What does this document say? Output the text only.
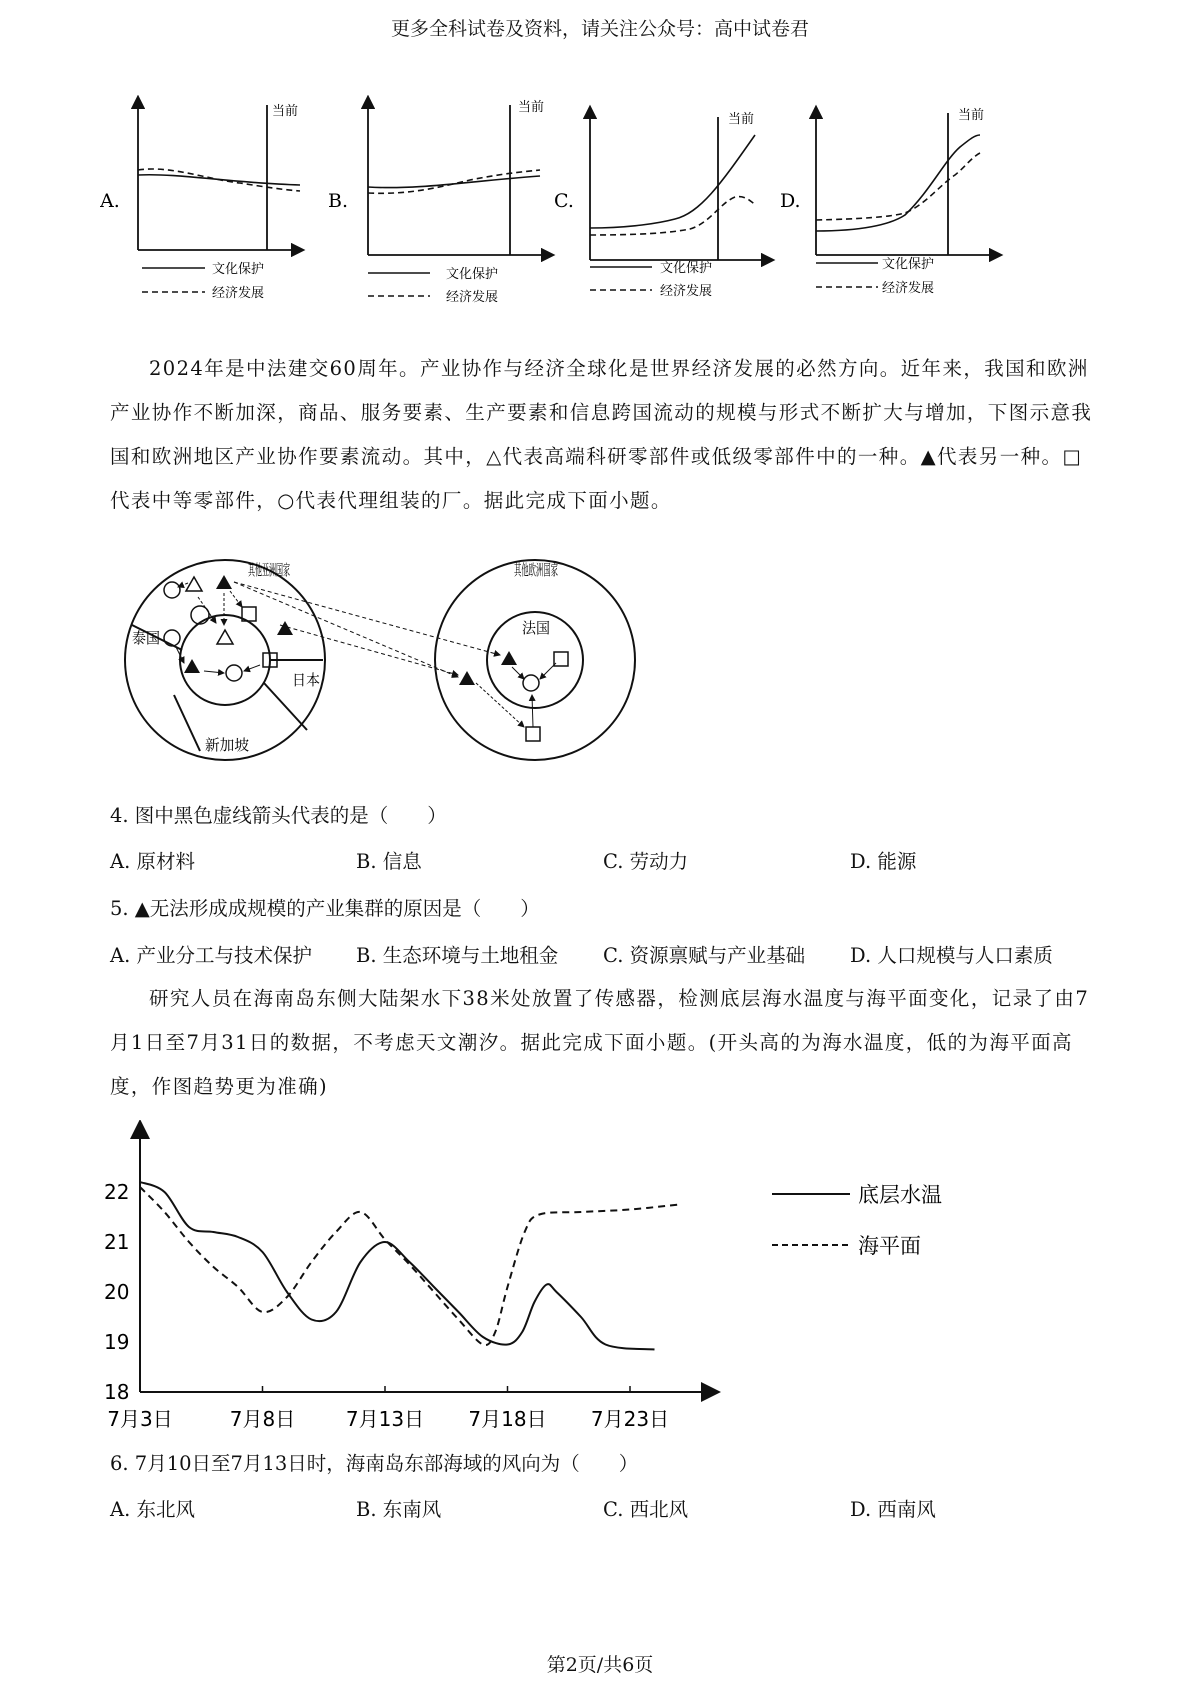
更多全科试卷及资料，请关注公众号：高中试卷君
A.
当前
文化保护
经济发展
B.
当前
文化保护
经济发展
C.
当前
文化保护
经济发展
D.
当前
文化保护
经济发展
2024年是中法建交60周年。产业协作与经济全球化是世界经济发展的必然方向。近年来，我国和欧洲产业协作不断加深，商品、服务要素、生产要素和信息跨国流动的规模与形式不断扩大与增加，下图示意我国和欧洲地区产业协作要素流动。其中，△代表高端科研零部件或低级零部件中的一种。▲代表另一种。□代表中等零部件，○代表代理组装的厂。据此完成下面小题。
其他亚洲国家
泰国
新加坡
日本
其他欧洲国家
法国
4. 图中黑色虚线箭头代表的是（　　）
A. 原材料	B. 信息	C. 劳动力	D. 能源
5. ▲无法形成成规模的产业集群的原因是（　　）
A. 产业分工与技术保护 B. 生态环境与土地租金 C. 资源禀赋与产业基础 D. 人口规模与人口素质
研究人员在海南岛东侧大陆架水下38米处放置了传感器，检测底层海水温度与海平面变化，记录了由7月1日至7月31日的数据，不考虑天文潮汐。据此完成下面小题。(开头高的为海水温度，低的为海平面高度，作图趋势更为准确)
18
19
20
21
22
7月3日	7月8日	7月13日 7月18日 7月23日
底层水温
海平面
6. 7月10日至7月13日时，海南岛东部海域的风向为（　　）
A. 东北风	B. 东南风	C. 西北风	D. 西南风
第2页/共6页
